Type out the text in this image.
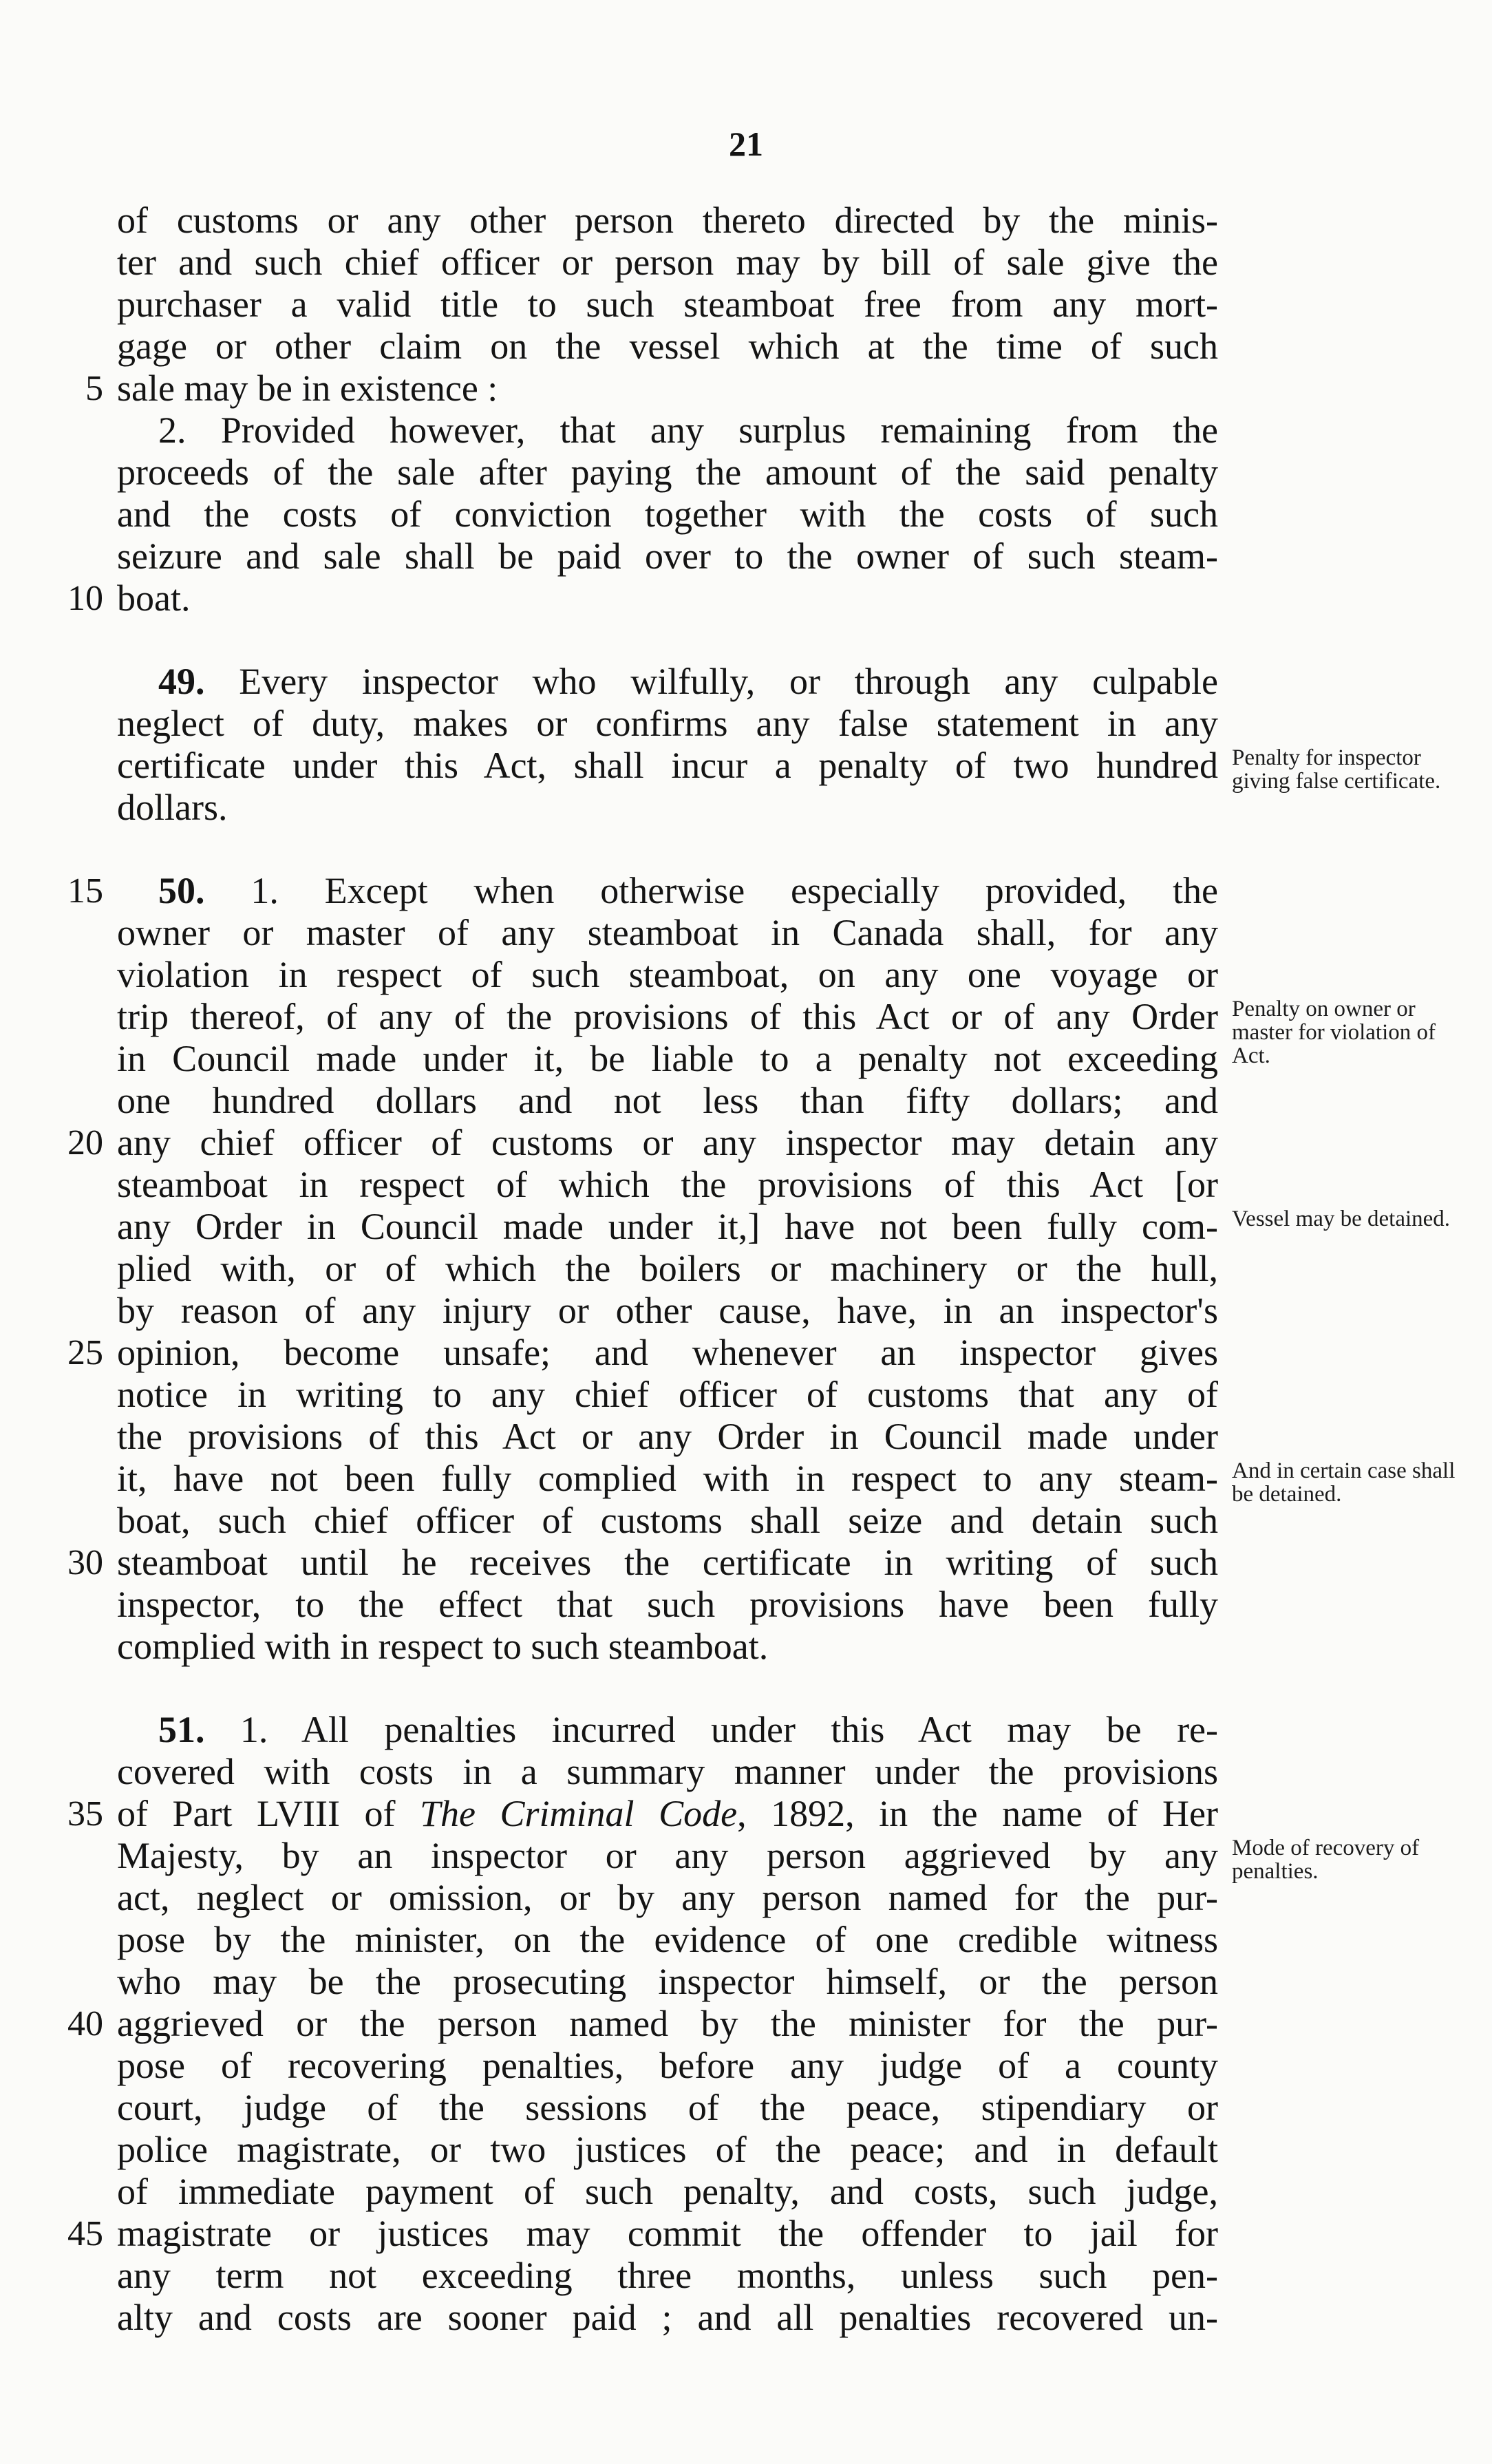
21
of customs or any other person thereto directed by the minis-
ter and such chief officer or person may by bill of sale give the
purchaser a valid title to such steamboat free from any mort-
gage or other claim on the vessel which at the time of such
sale may be in existence :
5
2. Provided however, that any surplus remaining from the
proceeds of the sale after paying the amount of the said penalty
and the costs of conviction together with the costs of such
seizure and sale shall be paid over to the owner of such steam-
boat.
10
49. Every inspector who wilfully, or through any culpable
neglect of duty, makes or confirms any false statement in any
certificate under this Act, shall incur a penalty of two hundred
dollars.
50. 1. Except when otherwise especially provided, the
15
owner or master of any steamboat in Canada shall, for any
violation in respect of such steamboat, on any one voyage or
trip thereof, of any of the provisions of this Act or of any Order
in Council made under it, be liable to a penalty not exceeding
one hundred dollars and not less than fifty dollars; and
any chief officer of customs or any inspector may detain any
20
steamboat in respect of which the provisions of this Act [or
any Order in Council made under it,] have not been fully com-
plied with, or of which the boilers or machinery or the hull,
by reason of any injury or other cause, have, in an inspector's
opinion, become unsafe; and whenever an inspector gives
25
notice in writing to any chief officer of customs that any of
the provisions of this Act or any Order in Council made under
it, have not been fully complied with in respect to any steam-
boat, such chief officer of customs shall seize and detain such
steamboat until he receives the certificate in writing of such
30
inspector, to the effect that such provisions have been fully
complied with in respect to such steamboat.
51. 1. All penalties incurred under this Act may be re-
covered with costs in a summary manner under the provisions
of Part LVIII of The Criminal Code, 1892, in the name of Her
35
Majesty, by an inspector or any person aggrieved by any
act, neglect or omission, or by any person named for the pur-
pose by the minister, on the evidence of one credible witness
who may be the prosecuting inspector himself, or the person
aggrieved or the person named by the minister for the pur-
40
pose of recovering penalties, before any judge of a county
court, judge of the sessions of the peace, stipendiary or
police magistrate, or two justices of the peace; and in default
of immediate payment of such penalty, and costs, such judge,
magistrate or justices may commit the offender to jail for
45
any term not exceeding three months, unless such pen-
alty and costs are sooner paid ; and all penalties recovered un-
Penalty for inspector giving false certificate.
Penalty on owner or master for violation of Act.
Vessel may be detained.
And in certain case shall be detained.
Mode of recovery of penalties.
